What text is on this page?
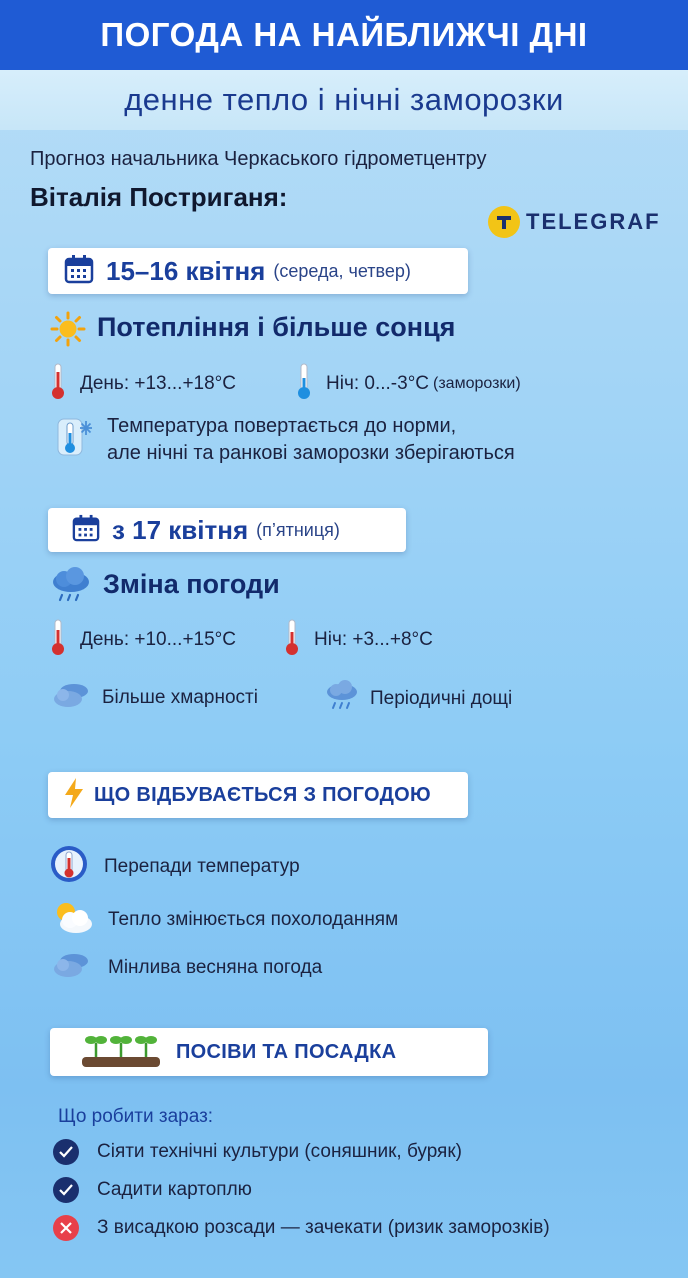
ПОГОДА НА НАЙБЛИЖЧІ ДНІ
денне тепло і нічні заморозки
Прогноз начальника Черкаського гідрометцентру
Віталія Постриганя:
TELEGRAF
15–16 квітня (середа, четвер)
Потепління і більше сонця
День: +13...+18°C	Ніч: 0...-3°C (заморозки)
Температура повертається до норми,
але нічні та ранкові заморозки зберігаються
з 17 квітня (п’ятниця)
Зміна погоди
День: +10...+15°C	Ніч: +3...+8°C
Більше хмарності	Періодичні дощі
ЩО ВІДБУВАЄТЬСЯ З ПОГОДОЮ
Перепади температур
Тепло змінюється похолоданням
Мінлива весняна погода
ПОСІВИ ТА ПОСАДКА
Що робити зараз:
Сіяти технічні культури (соняшник, буряк)
Садити картоплю
З висадкою розсади — зачекати (ризик заморозків)
